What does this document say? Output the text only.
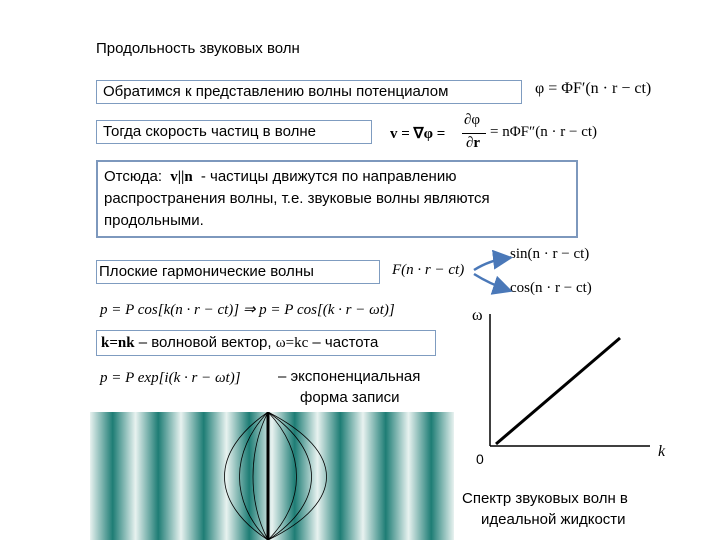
Продольность звуковых волн
Обратимся к представлению волны потенциалом	φ = ΦF′(n · r − ct)
Тогда скорость частиц в волне	v = ∇φ =
∂φ
∂r
= nΦF″(n · r − ct)
Отсюда: v||n - частицы движутся по направлению
распространения волны, т.е. звуковые волны являются
продольными.
Плоские гармонические волны	F(n · r − ct)
sin(n · r − ct)
cos(n · r − ct)
p = P cos[k(n · r − ct)] ⇒ p = P cos[(k · r − ωt)]
k=nk – волновой вектор, ω=kc – частота
p = P exp[i(k · r − ωt)] – экспоненциальная
форма записи
ω
k
0
Спектр звуковых волн в
идеальной жидкости
